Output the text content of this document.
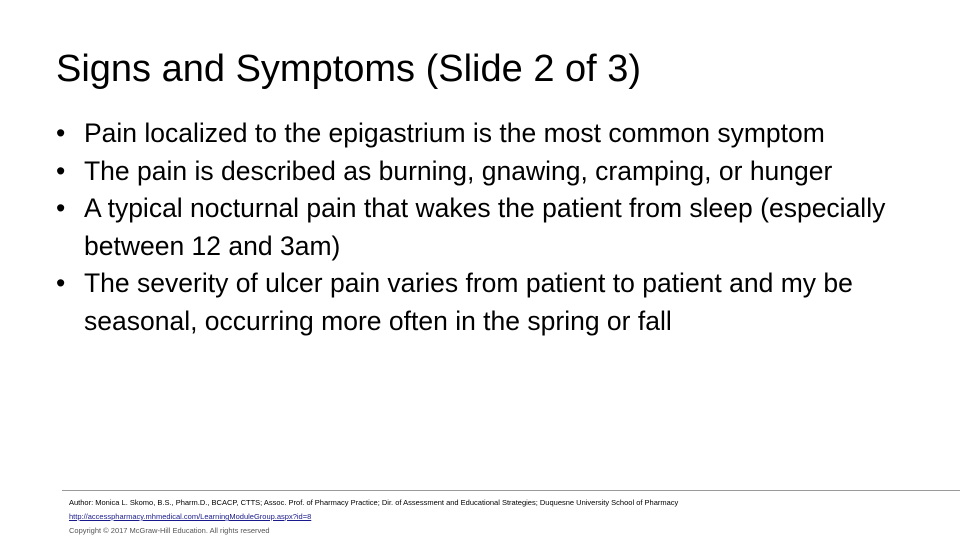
Signs and Symptoms (Slide 2 of 3)
• Pain localized to the epigastrium is the most common symptom
• The pain is described as burning, gnawing, cramping, or hunger
• A typical nocturnal pain that wakes the patient from sleep (especially between 12 and 3am)
• The severity of ulcer pain varies from patient to patient and my be seasonal, occurring more often in the spring or fall
Author: Monica L. Skomo, B.S., Pharm.D., BCACP, CTTS; Assoc. Prof. of Pharmacy Practice; Dir. of Assessment and Educational Strategies; Duquesne University School of Pharmacy
http://accesspharmacy.mhmedical.com/LearningModuleGroup.aspx?id=8
Copyright © 2017 McGraw-Hill Education. All rights reserved
